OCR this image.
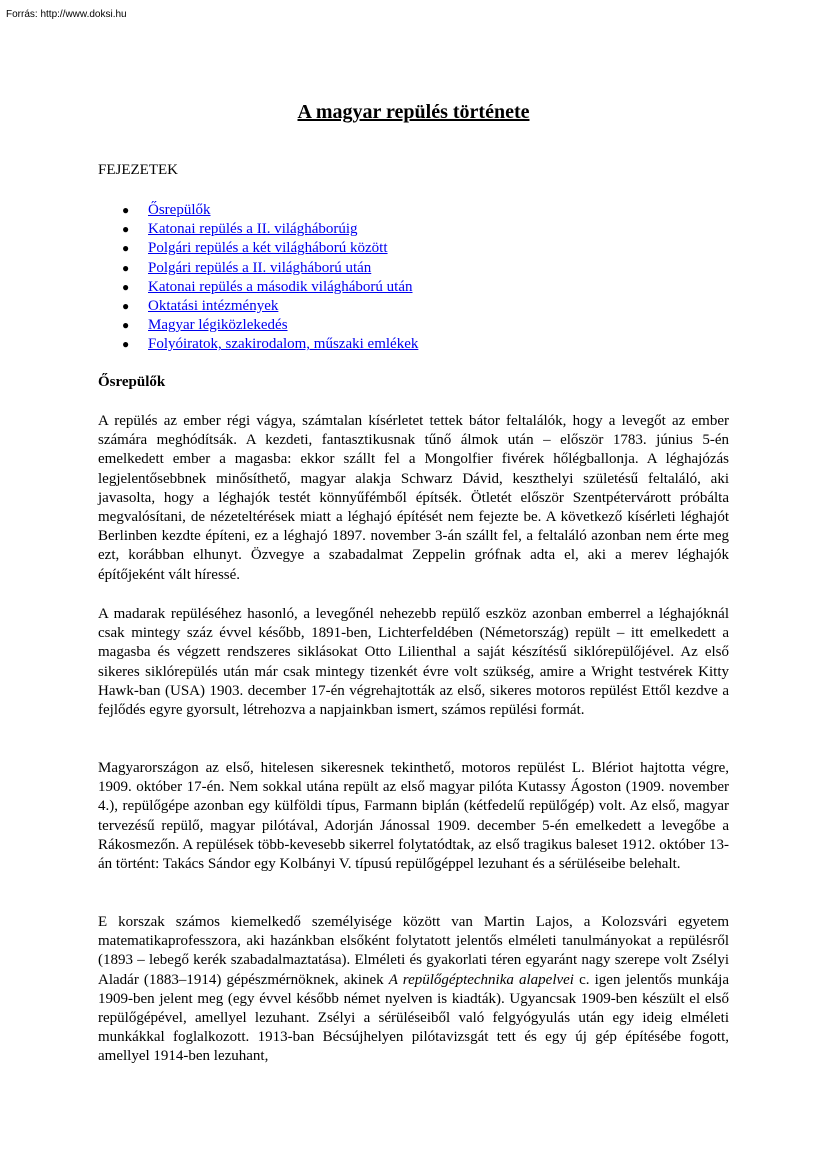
Forrás: http://www.doksi.hu
A magyar repülés története

FEJEZETEK

● Ősrepülők
● Katonai repülés a II. világháborúig
● Polgári repülés a két világháború között
● Polgári repülés a II. világháború után
● Katonai repülés a második világháború után
● Oktatási intézmények
● Magyar légiközlekedés
● Folyóiratok, szakirodalom, műszaki emlékek
Ősrepülők

A repülés az ember régi vágya, számtalan kísérletet tettek bátor feltalálók, hogy a levegőt az ember számára meghódítsák. A kezdeti, fantasztikusnak tűnő álmok után – először 1783. június 5-én emelkedett ember a magasba: ekkor szállt fel a Mongolfier fivérek hőlégballonja. A léghajózás legjelentősebbnek minősíthető, magyar alakja Schwarz Dávid, keszthelyi születésű feltaláló, aki javasolta, hogy a léghajók testét könnyűfémből építsék. Ötletét először Szentpétervárott próbálta megvalósítani, de nézeteltérések miatt a léghajó építését nem fejezte be. A következő kísérleti léghajót Berlinben kezdte építeni, ez a léghajó 1897. november 3-án szállt fel, a feltaláló azonban nem érte meg ezt, korábban elhunyt. Özvegye a szabadalmat Zeppelin grófnak adta el, aki a merev léghajók építőjeként vált híressé.

A madarak repüléséhez hasonló, a levegőnél nehezebb repülő eszköz azonban emberrel a léghajóknál csak mintegy száz évvel később, 1891-ben, Lichterfeldében (Németország) repült – itt emelkedett a magasba és végzett rendszeres siklásokat Otto Lilienthal a saját készítésű siklórepülőjével. Az első sikeres siklórepülés után már csak mintegy tizenkét évre volt szükség, amire a Wright testvérek Kitty Hawk-ban (USA) 1903. december 17-én végrehajtották az első, sikeres motoros repülést Ettől kezdve a fejlődés egyre gyorsult, létrehozva a napjainkban ismert, számos repülési formát.

Magyarországon az első, hitelesen sikeresnek tekinthető, motoros repülést L. Blériot hajtotta végre, 1909. október 17-én. Nem sokkal utána repült az első magyar pilóta Kutassy Ágoston (1909. november 4.), repülőgépe azonban egy külföldi típus, Farmann biplán (kétfedelű repülőgép) volt. Az első, magyar tervezésű repülő, magyar pilótával, Adorján Jánossal 1909. december 5-én emelkedett a levegőbe a Rákosmezőn. A repülések több-kevesebb sikerrel folytatódtak, az első tragikus baleset 1912. október 13-án történt: Takács Sándor egy Kolbányi V. típusú repülőgéppel lezuhant és a sérüléseibe belehalt.

E korszak számos kiemelkedő személyisége között van Martin Lajos, a Kolozsvári egyetem matematikaprofesszora, aki hazánkban elsőként folytatott jelentős elméleti tanulmányokat a repülésről (1893 – lebegő kerék szabadalmaztatása). Elméleti és gyakorlati téren egyaránt nagy szerepe volt Zsélyi Aladár (1883–1914) gépészmérnöknek, akinek A repülőgéptechnika alapelvei c. igen jelentős munkája 1909-ben jelent meg (egy évvel később német nyelven is kiadták). Ugyancsak 1909-ben készült el első repülőgépével, amellyel lezuhant. Zsélyi a sérüléseiből való felgyógyulás után egy ideig elméleti munkákkal foglalkozott. 1913-ban Bécsújhelyen pilótavizsgát tett és egy új gép építésébe fogott, amellyel 1914-ben lezuhant,
